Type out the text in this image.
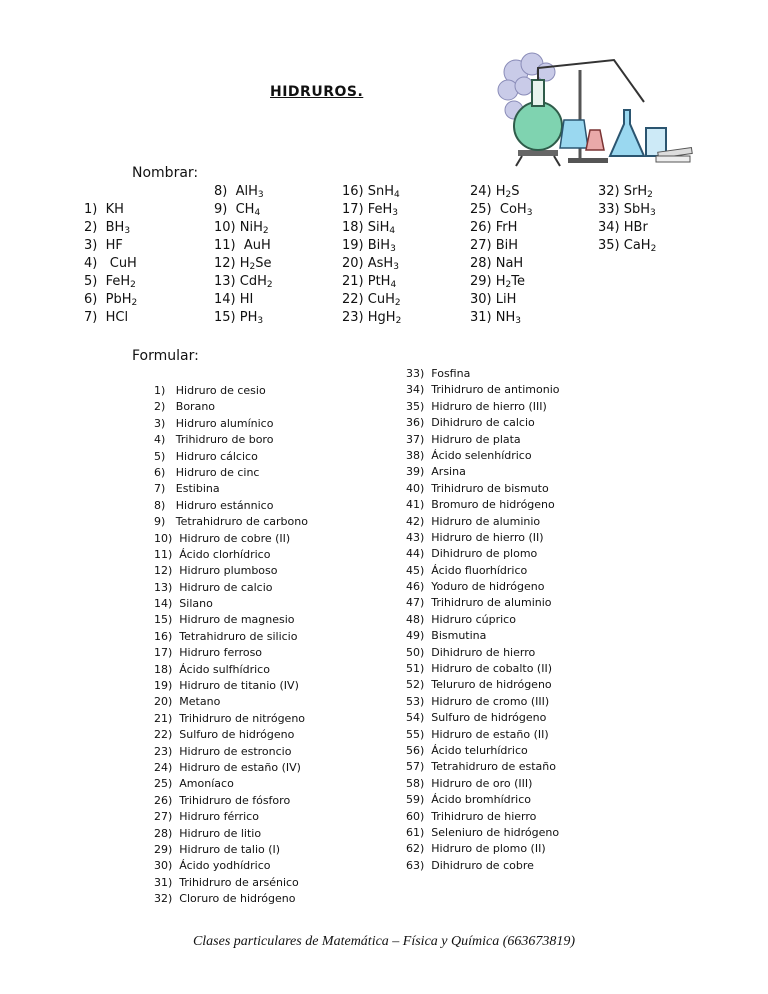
HIDRUROS.
Nombrar:
1)  KH
2)  $BH_3$
3)  HF
4)   CuH
5)  FeH$_2$
6)  PbH$_2$
7)  HCl
8)  AlH$_3$
9)  $CH_4$
10) NiH$_2$
11)  AuH
12) $H_2Se$
13) CdH$_2$
14) HI
15) $PH_3$
16) SnH$_4$
17) FeH$_3$
18) SiH$_4$
19) BiH$_3$
20) AsH$_3$
21) PtH$_4$
22) CuH$_2$
23) HgH$_2$
24) $H_2S$
25)  CoH$_3$
26) FrH
27) BiH
28) NaH
29) $H_2Te$
30) LiH
31) $NH_3$
32) SrH$_2$
33) SbH$_3$
34) HBr
35) CaH$_2$
Formular:
1)   Hidruro de cesio
2)   Borano
3)   Hidruro alumínico
4)   Trihidruro de boro
5)   Hidruro cálcico
6)   Hidruro de cinc
7)   Estibina
8)   Hidruro estánnico
9)   Tetrahidruro de carbono
10)  Hidruro de cobre (II)
11)  Ácido clorhídrico
12)  Hidruro plumboso
13)  Hidruro de calcio
14)  Silano
15)  Hidruro de magnesio
16)  Tetrahidruro de silicio
17)  Hidruro ferroso
18)  Ácido sulfhídrico
19)  Hidruro de titanio (IV)
20)  Metano
21)  Trihidruro de nitrógeno
22)  Sulfuro de hidrógeno
23)  Hidruro de estroncio
24)  Hidruro de estaño (IV)
25)  Amoníaco
26)  Trihidruro de fósforo
27)  Hidruro férrico
28)  Hidruro de litio
29)  Hidruro de talio (I)
30)  Ácido yodhídrico
31)  Trihidruro de arsénico
32)  Cloruro de hidrógeno
33)  Fosfina
34)  Trihidruro de antimonio
35)  Hidruro de hierro (III)
36)  Dihidruro de calcio
37)  Hidruro de plata
38)  Ácido selenhídrico
39)  Arsina
40)  Trihidruro de bismuto
41)  Bromuro de hidrógeno
42)  Hidruro de aluminio
43)  Hidruro de hierro (II)
44)  Dihidruro de plomo
45)  Ácido fluorhídrico
46)  Yoduro de hidrógeno
47)  Trihidruro de aluminio
48)  Hidruro cúprico
49)  Bismutina
50)  Dihidruro de hierro
51)  Hidruro de cobalto (II)
52)  Telururo de hidrógeno
53)  Hidruro de cromo (III)
54)  Sulfuro de hidrógeno
55)  Hidruro de estaño (II)
56)  Ácido telurhídrico
57)  Tetrahidruro de estaño
58)  Hidruro de oro (III)
59)  Ácido bromhídrico
60)  Trihidruro de hierro
61)  Seleniuro de hidrógeno
62)  Hidruro de plomo (II)
63)  Dihidruro de cobre
Clases particulares de Matemática – Física y Química (663673819)
